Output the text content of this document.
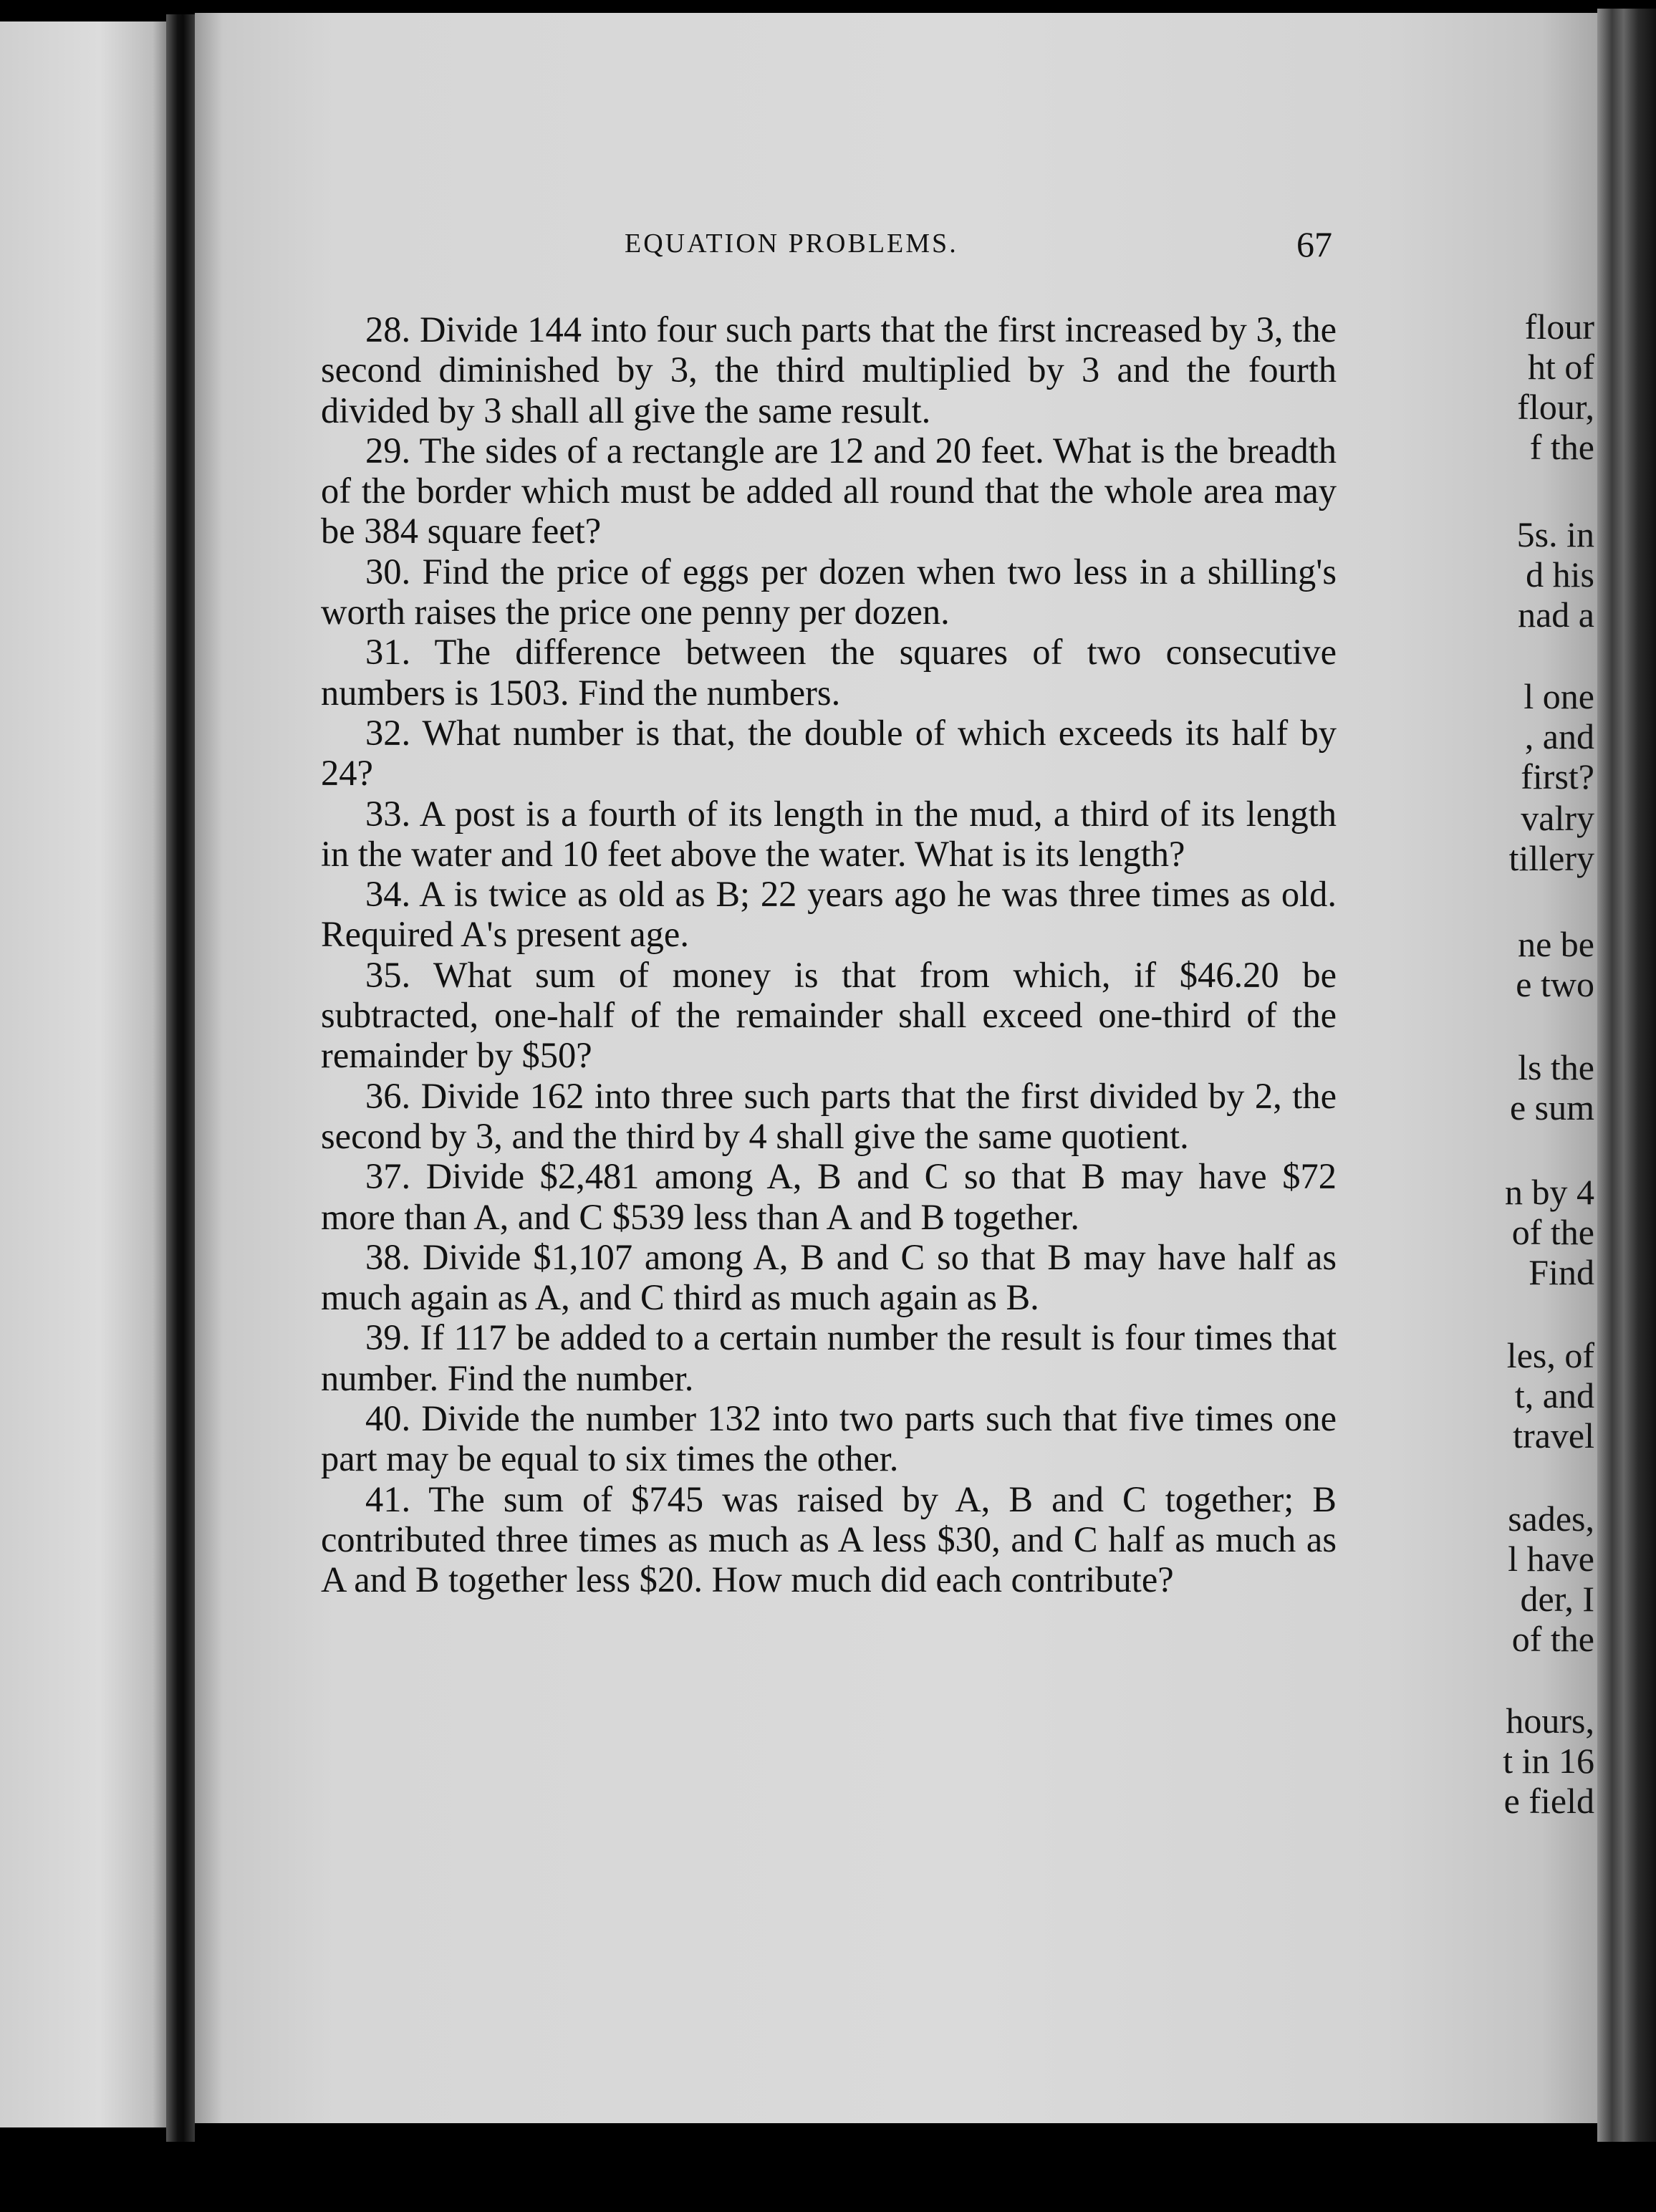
flour
ht of
flour,
f the
5s. in
d his
nad a
l one
, and
first?
valry
tillery
ne be
e two
ls the
e sum
n by 4
of the
Find
les, of
t, and
travel
sades,
l have
der, I
of the
hours,
t in 16
e field
EQUATION PROBLEMS.	67

28. Divide 144 into four such parts that the first increased by 3, the second diminished by 3, the third multiplied by 3 and the fourth divided by 3 shall all give the same result.

29. The sides of a rectangle are 12 and 20 feet. What is the breadth of the border which must be added all round that the whole area may be 384 square feet?

30. Find the price of eggs per dozen when two less in a shilling's worth raises the price one penny per dozen.

31. The difference between the squares of two consecutive numbers is 1503. Find the numbers.

32. What number is that, the double of which exceeds its half by 24?

33. A post is a fourth of its length in the mud, a third of its length in the water and 10 feet above the water. What is its length?

34. A is twice as old as B; 22 years ago he was three times as old. Required A's present age.

35. What sum of money is that from which, if $46.20 be subtracted, one-half of the remainder shall exceed one-third of the remainder by $50?

36. Divide 162 into three such parts that the first divided by 2, the second by 3, and the third by 4 shall give the same quotient.

37. Divide $2,481 among A, B and C so that B may have $72 more than A, and C $539 less than A and B together.

38. Divide $1,107 among A, B and C so that B may have half as much again as A, and C third as much again as B.

39. If 117 be added to a certain number the result is four times that number. Find the number.

40. Divide the number 132 into two parts such that five times one part may be equal to six times the other.

41. The sum of $745 was raised by A, B and C together; B contributed three times as much as A less $30, and C half as much as A and B together less $20. How much did each contribute?
